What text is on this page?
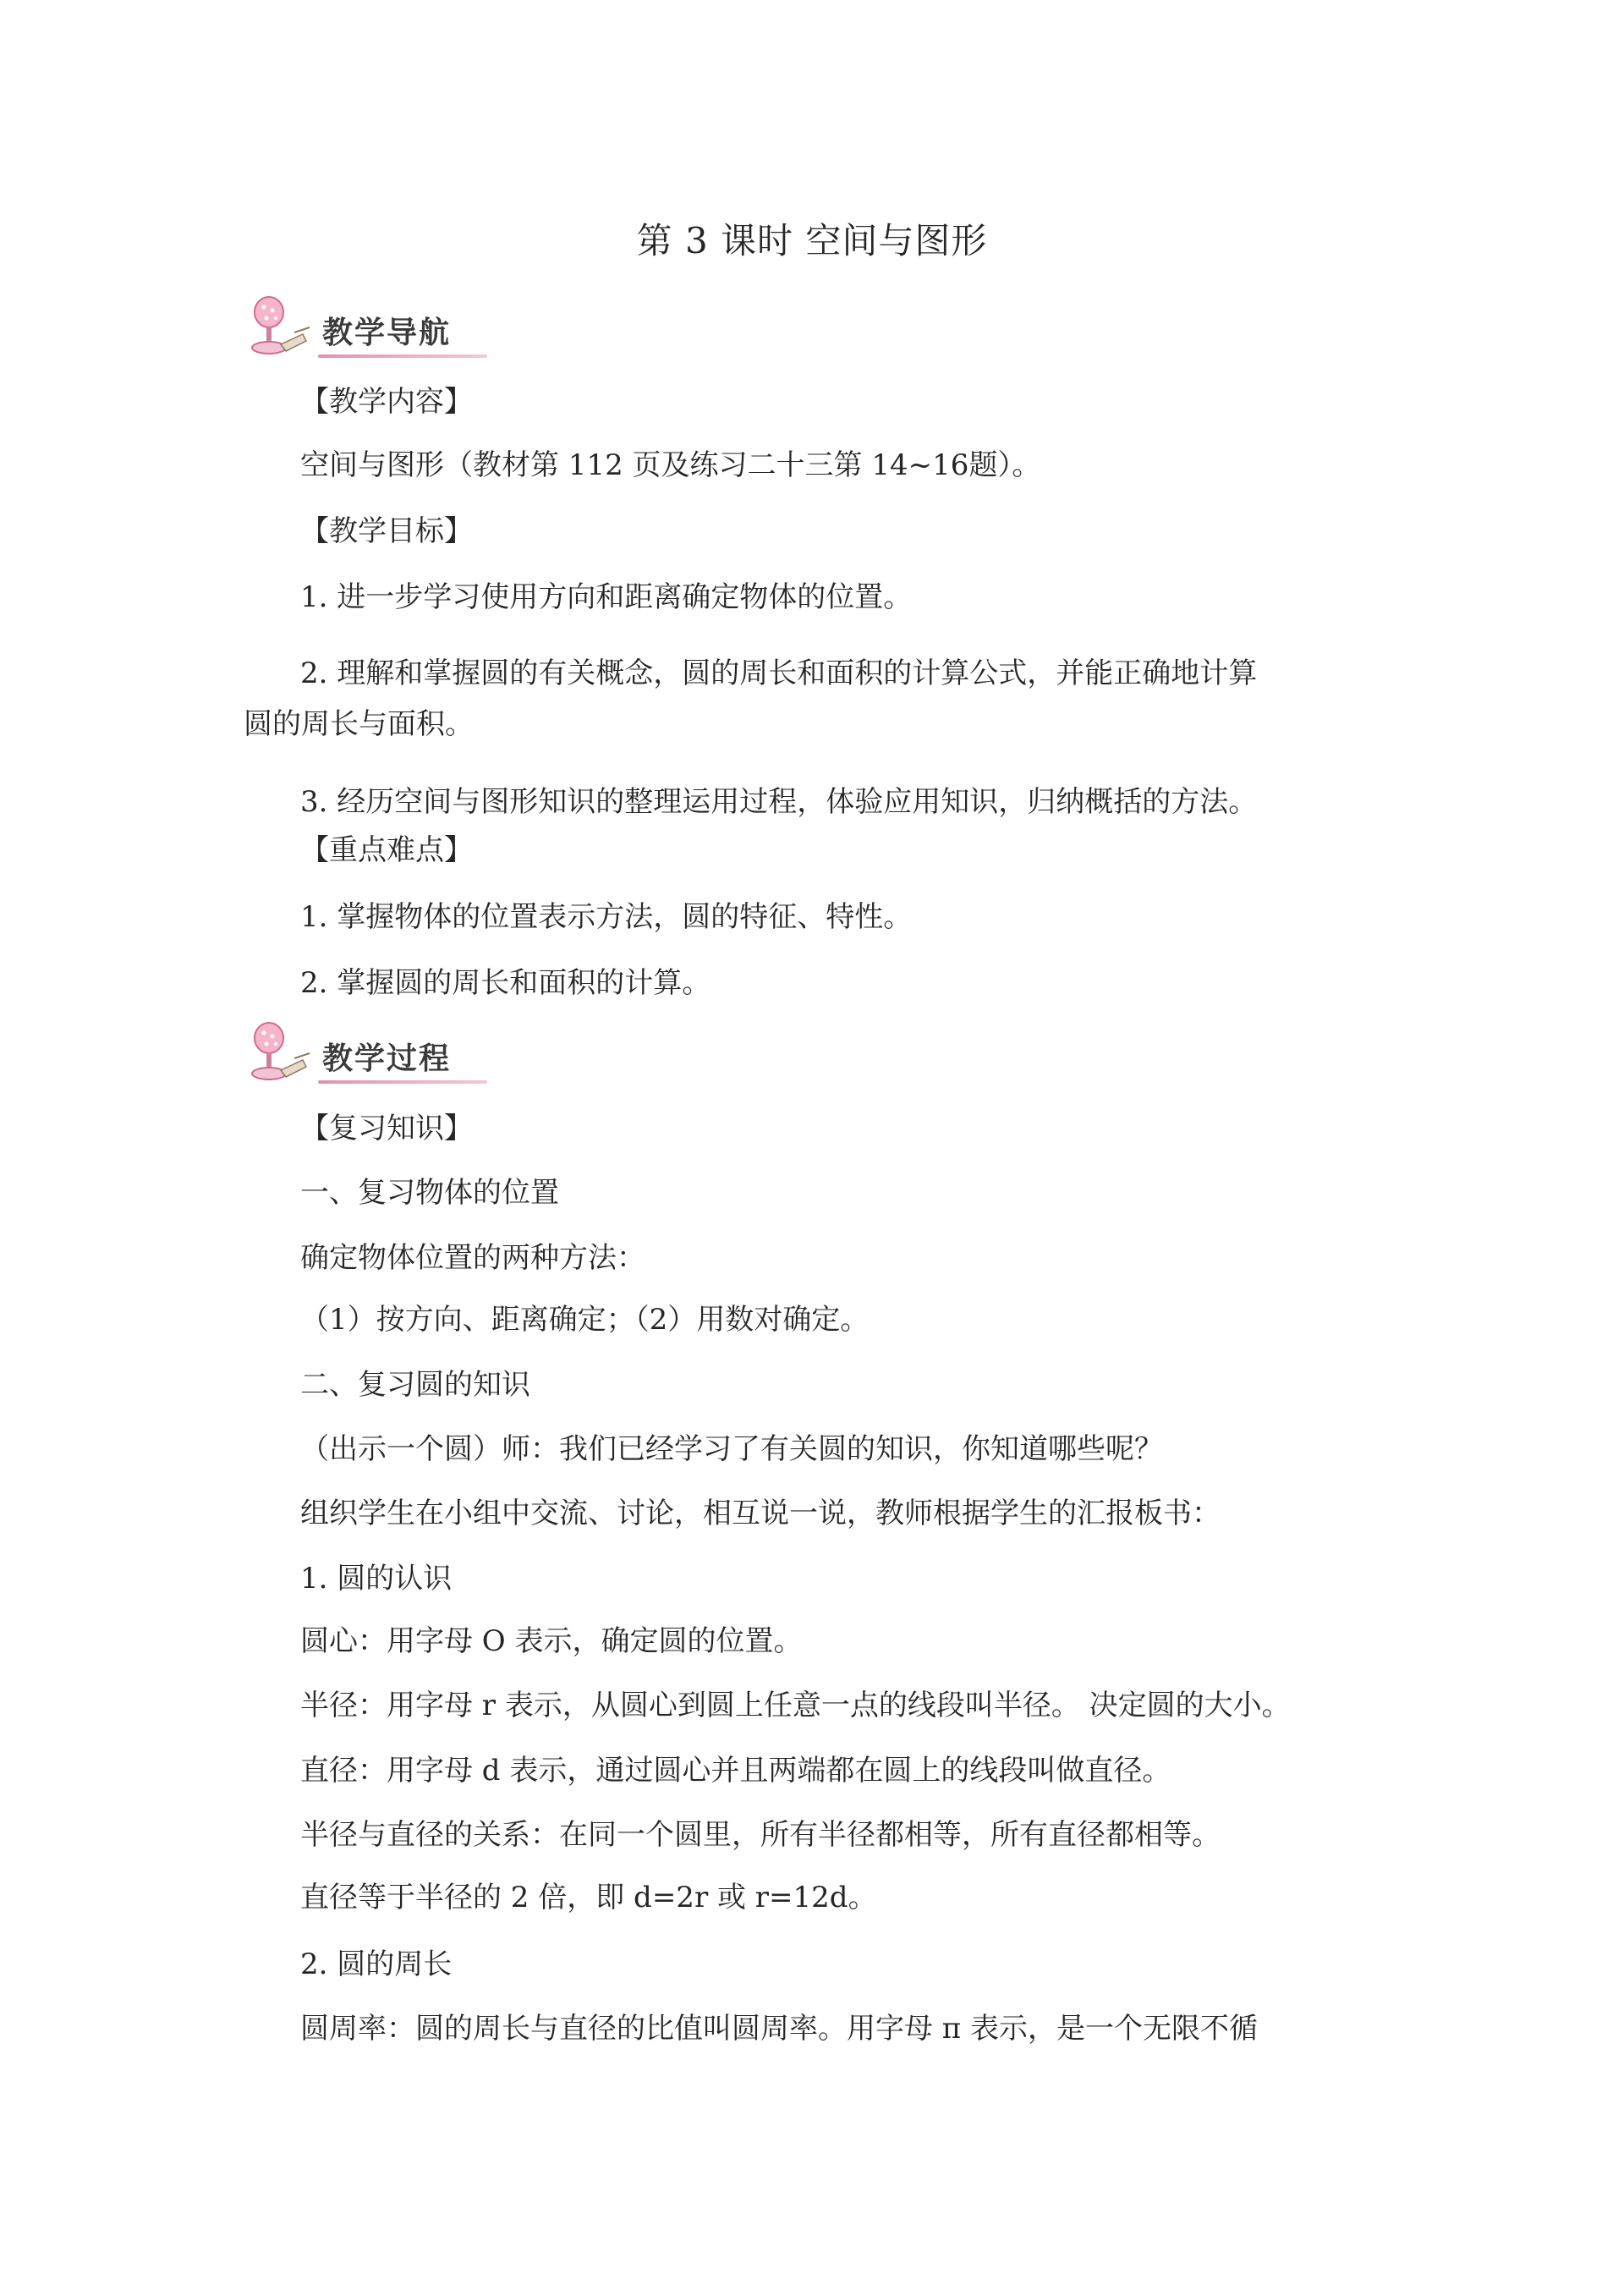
第 3 课时 空间与图形
教学导航
【教学内容】
空间与图形（教材第 112 页及练习二十三第 14~16题）。
【教学目标】
1. 进一步学习使用方向和距离确定物体的位置。
2. 理解和掌握圆的有关概念，圆的周长和面积的计算公式，并能正确地计算
圆的周长与面积。
3. 经历空间与图形知识的整理运用过程，体验应用知识，归纳概括的方法。
【重点难点】
1. 掌握物体的位置表示方法，圆的特征、特性。
2. 掌握圆的周长和面积的计算。
教学过程
【复习知识】
一、复习物体的位置
确定物体位置的两种方法：
（1）按方向、距离确定；（2）用数对确定。
二、复习圆的知识
（出示一个圆）师：我们已经学习了有关圆的知识，你知道哪些呢？
组织学生在小组中交流、讨论，相互说一说，教师根据学生的汇报板书：
1. 圆的认识
圆心：用字母 O 表示，确定圆的位置。
半径：用字母 r 表示，从圆心到圆上任意一点的线段叫半径。 决定圆的大小。
直径：用字母 d 表示，通过圆心并且两端都在圆上的线段叫做直径。
半径与直径的关系：在同一个圆里，所有半径都相等，所有直径都相等。
直径等于半径的 2 倍，即 d=2r 或 r=12d。
2. 圆的周长
圆周率：圆的周长与直径的比值叫圆周率。用字母 π 表示，是一个无限不循
